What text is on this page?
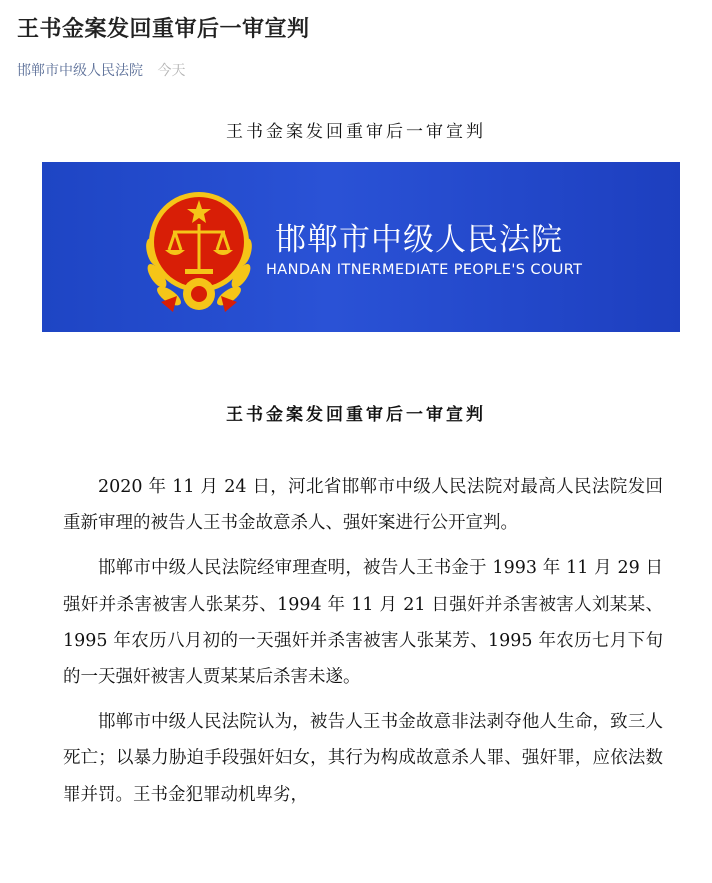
王书金案发回重审后一审宣判
邯郸市中级人民法院 今天
王书金案发回重审后一审宣判
邯郸市中级人民法院
HANDAN ITNERMEDIATE PEOPLE'S COURT
王书金案发回重审后一审宣判

2020 年 11 月 24 日，河北省邯郸市中级人民法院对最高人民法院发回重新审理的被告人王书金故意杀人、强奸案进行公开宣判。

邯郸市中级人民法院经审理查明，被告人王书金于 1993 年 11 月 29 日强奸并杀害被害人张某芬、1994 年 11 月 21 日强奸并杀害被害人刘某某、1995 年农历八月初的一天强奸并杀害被害人张某芳、1995 年农历七月下旬的一天强奸被害人贾某某后杀害未遂。

邯郸市中级人民法院认为，被告人王书金故意非法剥夺他人生命，致三人死亡；以暴力胁迫手段强奸妇女，其行为构成故意杀人罪、强奸罪，应依法数罪并罚。王书金犯罪动机卑劣，
